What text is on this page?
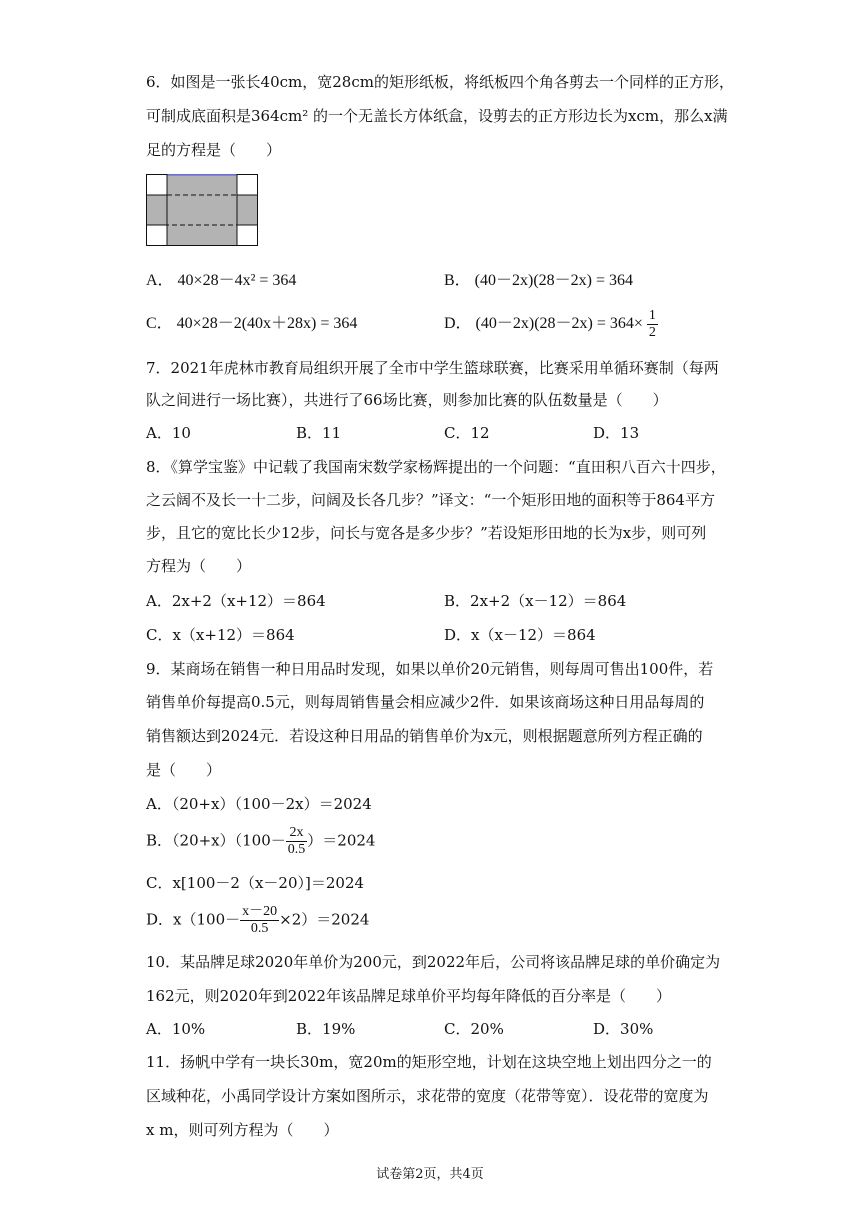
6．如图是一张长40cm，宽28cm的矩形纸板，将纸板四个角各剪去一个同样的正方形，
可制成底面积是364cm² 的一个无盖长方体纸盒，设剪去的正方形边长为xcm，那么x满
足的方程是（　　）
A． 40×28－4x² = 364	B． (40－2x)(28－2x) = 364
C． 40×28－2(40x＋28x) = 364	D． $(40-2x)(28-2x) = 364\times \frac{1}{2}$
7．2021年虎林市教育局组织开展了全市中学生篮球联赛，比赛采用单循环赛制（每两
队之间进行一场比赛），共进行了66场比赛，则参加比赛的队伍数量是（　　）
A．10	B．11	C．12	D．13
8．《算学宝鉴》中记载了我国南宋数学家杨辉提出的一个问题：“直田积八百六十四步，
之云阔不及长一十二步，问阔及长各几步？”译文：“一个矩形田地的面积等于864平方
步，且它的宽比长少12步，问长与宽各是多少步？”若设矩形田地的长为x步，则可列
方程为（　　）
A．2x+2（x+12）＝864	B．2x+2（x－12）＝864
C．x（x+12）＝864	D．x（x－12）＝864
9．某商场在销售一种日用品时发现，如果以单价20元销售，则每周可售出100件，若
销售单价每提高0.5元，则每周销售量会相应减少2件．如果该商场这种日用品每周的
销售额达到2024元．若设这种日用品的销售单价为x元，则根据题意所列方程正确的
是（　　）
A．（20+x）（100－2x）＝2024
B．$(20+x)(100- \frac{2x}{0.5} )=2024$
C．x[100－2（x－20）]＝2024
D．$x(100- \frac{x-20}{0.5} \times 2)=2024$
10．某品牌足球2020年单价为200元，到2022年后，公司将该品牌足球的单价确定为
162元，则2020年到2022年该品牌足球单价平均每年降低的百分率是（　　）
A．10%	B．19%	C．20%	D．30%
11．扬帆中学有一块长30m，宽20m的矩形空地，计划在这块空地上划出四分之一的
区域种花，小禹同学设计方案如图所示，求花带的宽度（花带等宽）．设花带的宽度为
x m，则可列方程为（　　）
试卷第2页，共4页
